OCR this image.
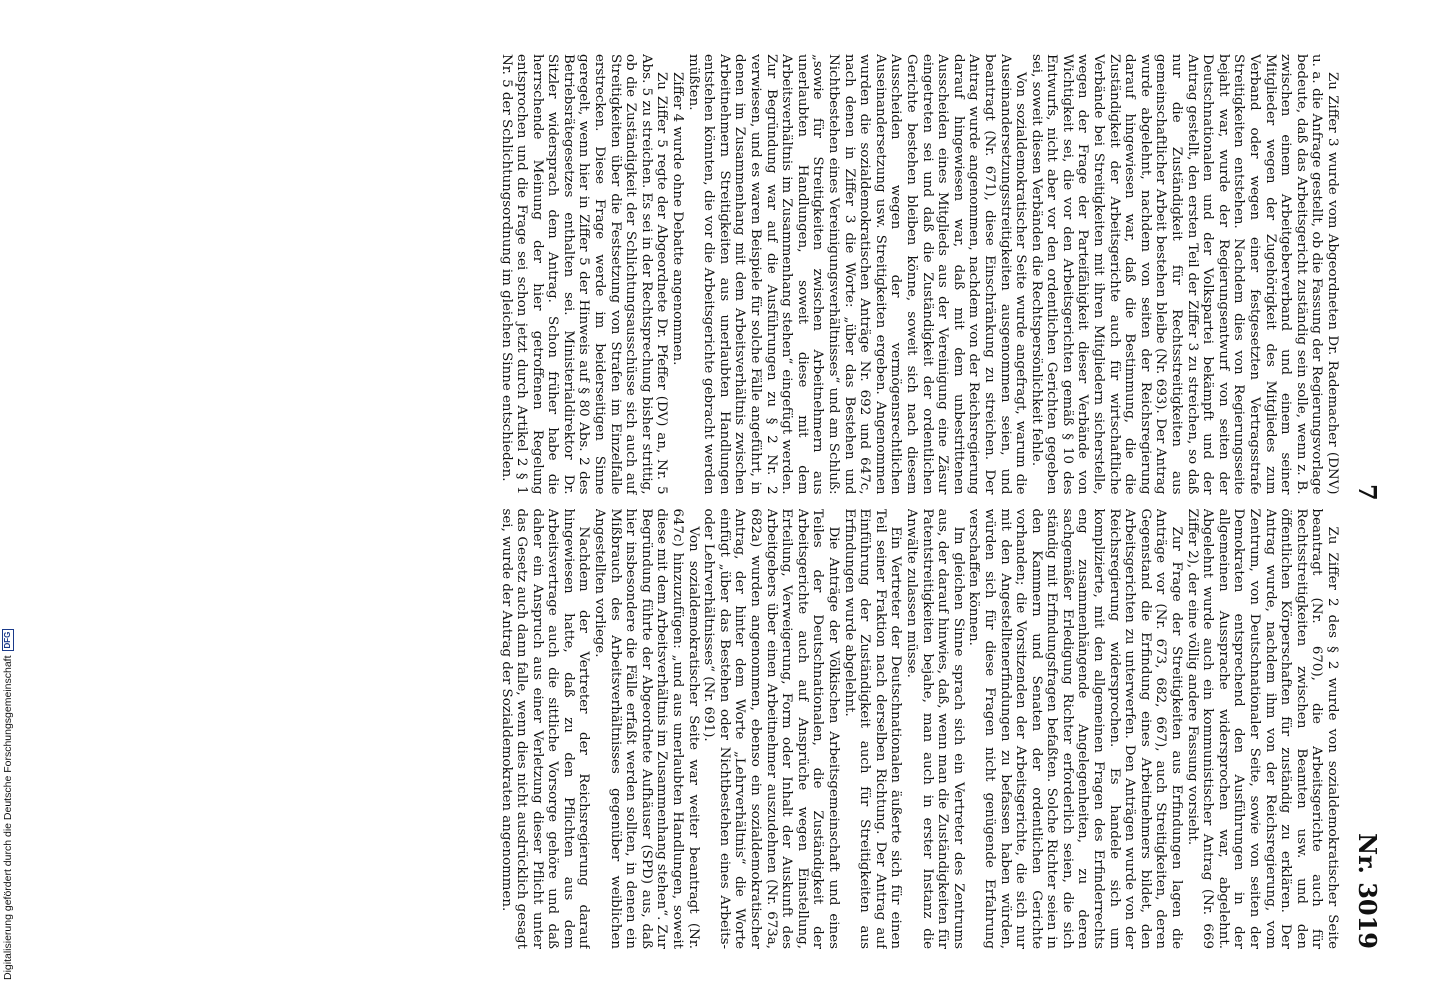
Digitalisierung gefördert durch die Deutsche Forschungsgemeinschaft
DFG
7
Nr. 3019

Zu Ziffer 2 des § 2 wurde von sozialdemokratischer Seite beantragt (Nr. 670), die Arbeitsgerichte auch für Rechtsstreitigkeiten zwischen Beamten usw. und den öffentlichen Körperschaften für zuständig zu erklären. Der Antrag wurde, nachdem ihm von der Reichsregierung, vom Zentrum, von Deutschnationaler Seite, sowie von seiten der Demokraten entsprechend den Ausführungen in der allgemeinen Aussprache widersprochen war, abgelehnt. Abgelehnt wurde auch ein kommunistischer Antrag (Nr. 669 Ziffer 2), der eine völlig andere Fassung vorsieht.

Zur Frage der Streitigkeiten aus Erfindungen lagen die Anträge vor (Nr. 673, 682, 667), auch Streitigkeiten, deren Gegenstand die Erfindung eines Arbeitnehmers bildet, den Arbeitsgerichten zu unterwerfen. Den Anträgen wurde von der Reichsregierung widersprochen. Es handele sich um komplizierte, mit den allgemeinen Fragen des Erfinderrechts eng zusammenhängende Angelegenheiten, zu deren sachgemäßer Erledigung Richter erforderlich seien, die sich ständig mit Erfindungsfragen befaßten. Solche Richter seien in den Kammern und Senaten der ordentlichen Gerichte vorhanden; die Vorsitzenden der Arbeitsgerichte, die sich nur mit den Angestelltenerfindungen zu befassen haben würden, würden sich für diese Fragen nicht genügende Erfahrung verschaffen können.

Im gleichen Sinne sprach sich ein Vertreter des Zentrums aus, der darauf hinwies, daß, wenn man die Zuständigkeiten für Patentstreitigkeiten bejahe, man auch in erster Instanz die Anwälte zulassen müsse.

Ein Vertreter der Deutschnationalen äußerte sich für einen Teil seiner Fraktion nach derselben Richtung. Der Antrag auf Einführung der Zuständigkeit auch für Streitigkeiten aus Erfindungen wurde abgelehnt.

Die Anträge der Völkischen Arbeitsgemeinschaft und eines Teiles der Deutschnationalen, die Zuständigkeit der Arbeitsgerichte auch auf Ansprüche wegen Einstellung, Erteilung, Verweigerung, Form oder Inhalt der Auskunft des Arbeitgebers über einen Arbeitnehmer auszudehnen (Nr. 673a, 682a) wurden angenommen, ebenso ein sozialdemokratischer Antrag, der hinter dem Worte „Lehrverhältnis“ die Worte einfügt „über das Bestehen oder Nichtbestehen eines Arbeits- oder Lehrverhältnisses“ (Nr. 691).

Von sozialdemokratischer Seite war weiter beantragt (Nr. 647c) hinzuzufügen: „und aus unerlaubten Handlungen, soweit diese mit dem Arbeitsverhältnis im Zusammenhang stehen“. Zur Begründung führte der Abgeordnete Aufhäuser (SPD) aus, daß hier insbesondere die Fälle erfaßt werden sollten, in denen ein Mißbrauch des Arbeitsverhältnisses gegenüber weiblichen Angestellten vorliege.

Nachdem der Vertreter der Reichsregierung darauf hingewiesen hatte, daß zu den Pflichten aus dem Arbeitsvertrage auch die sittliche Vorsorge gehöre und daß daher ein Anspruch aus einer Verletzung dieser Pflicht unter das Gesetz auch dann falle, wenn dies nicht ausdrücklich gesagt sei, wurde der Antrag der Sozialdemokraten angenommen.

Zu Ziffer 3 wurde vom Abgeordneten Dr. Rademacher (DNV) u. a. die Anfrage gestellt, ob die Fassung der Regierungsvorlage bedeute, daß das Arbeitsgericht zuständig sein solle, wenn z. B. zwischen einem Arbeitgeberverband und einem seiner Mitglieder wegen der Zugehörigkeit des Mitgliedes zum Verband oder wegen einer festgesetzten Vertragsstrafe Streitigkeiten entstehen. Nachdem dies von Regierungsseite bejaht war, wurde der Regierungsentwurf von seiten der Deutschnationalen und der Volkspartei bekämpft und der Antrag gestellt, den ersten Teil der Ziffer 3 zu streichen, so daß nur die Zuständigkeit für Rechtsstreitigkeiten aus gemeinschaftlicher Arbeit bestehen bleibe (Nr. 693). Der Antrag wurde abgelehnt, nachdem von seiten der Reichsregierung darauf hingewiesen war, daß die Bestimmung, die die Zuständigkeit der Arbeitsgerichte auch für wirtschaftliche Verbände bei Streitigkeiten mit ihren Mitgliedern sicherstelle, wegen der Frage der Parteifähigkeit dieser Verbände von Wichtigkeit sei, die vor den Arbeitsgerichten gemäß § 10 des Entwurfs, nicht aber vor den ordentlichen Gerichten gegeben sei, soweit diesen Verbänden die Rechtspersönlichkeit fehle.

Von sozialdemokratischer Seite wurde angefragt, warum die Auseinandersetzungsstreitigkeiten ausgenommen seien, und beantragt (Nr. 671), diese Einschränkung zu streichen. Der Antrag wurde angenommen, nachdem von der Reichsregierung darauf hingewiesen war, daß mit dem unbestrittenen Ausscheiden eines Mitglieds aus der Vereinigung eine Zäsur eingetreten sei und daß die Zuständigkeit der ordentlichen Gerichte bestehen bleiben könne, soweit sich nach diesem Ausscheiden wegen der vermögensrechtlichen Auseinandersetzung usw. Streitigkeiten ergeben. Angenommen wurden die sozialdemokratischen Anträge Nr. 692 und 647c, nach denen in Ziffer 3 die Worte: „über das Bestehen und Nichtbestehen eines Vereinigungsverhältnisses“ und am Schluß: „sowie für Streitigkeiten zwischen Arbeitnehmern aus unerlaubten Handlungen, soweit diese mit dem Arbeitsverhältnis im Zusammenhang stehen“ eingefügt werden. Zur Begründung war auf die Ausführungen zu § 2 Nr. 2 verwiesen, und es waren Beispiele für solche Fälle angeführt, in denen im Zusammenhang mit dem Arbeitsverhältnis zwischen Arbeitnehmern Streitigkeiten aus unerlaubten Handlungen entstehen könnten, die vor die Arbeitsgerichte gebracht werden müßten.

Ziffer 4 wurde ohne Debatte angenommen.

Zu Ziffer 5 regte der Abgeordnete Dr. Pfeffer (DV) an, Nr. 5 Abs. 5 zu streichen. Es sei in der Rechtsprechung bisher strittig, ob die Zuständigkeit der Schlichtungsausschüsse sich auch auf Streitigkeiten über die Festsetzung von Strafen im Einzelfalle erstrecken. Diese Frage werde im beiderseitigen Sinne geregelt, wenn hier in Ziffer 5 der Hinweis auf § 80 Abs. 2 des Betriebsrätegesetzes enthalten sei. Ministerialdirektor Dr. Sitzler widersprach dem Antrag. Schon früher habe die herrschende Meinung der hier getroffenen Regelung entsprochen und die Frage sei schon jetzt durch Artikel 2 § 1 Nr. 5 der Schlichtungsordnung im gleichen Sinne entschieden.
